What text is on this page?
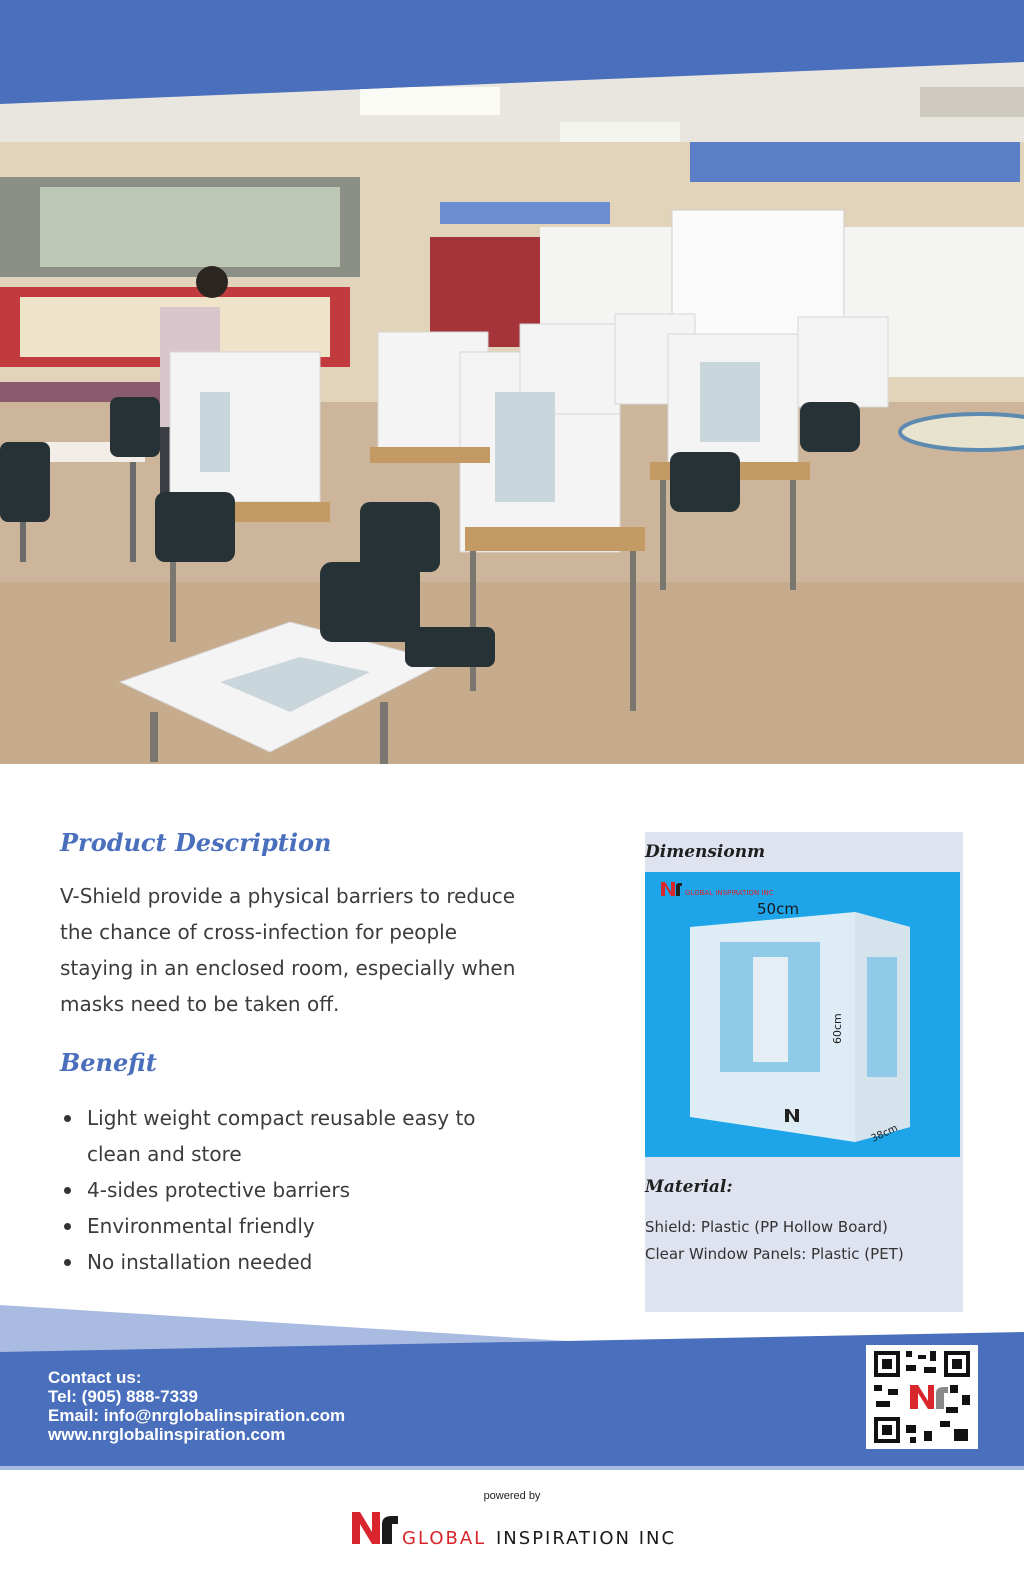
Product Description

V-Shield provide a physical barriers to reduce the chance of cross-infection for people staying in an enclosed room, especially when masks need to be taken off.

Benefit
Light weight compact reusable easy to clean and store
4-sides protective barriers
Environmental friendly
No installation needed

Dimensionm

GLOBAL INSPIRATION INC
50cm
60cm
38cm

Material:

Shield: Plastic (PP Hollow Board)
Clear Window Panels: Plastic (PET)
Contact us:
Tel: (905) 888-7339
Email: info@nrglobalinspiration.com
www.nrglobalinspiration.com
powered by
GLOBAL INSPIRATION INC
